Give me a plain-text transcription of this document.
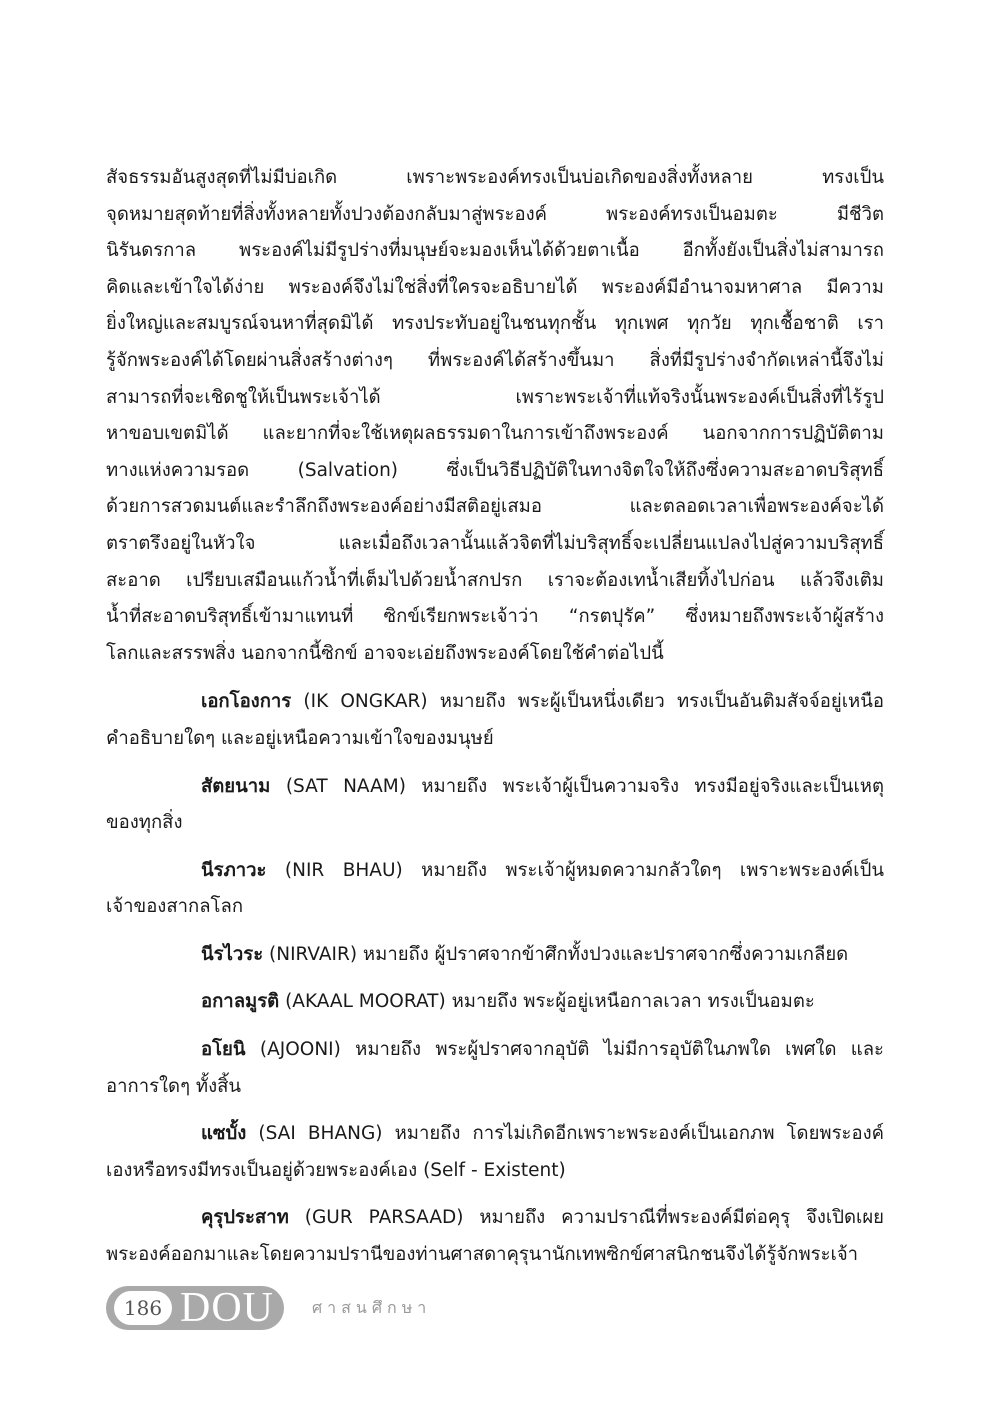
สัจธรรมอันสูงสุดที่ไม่มีบ่อเกิด เพราะพระองค์ทรงเป็นบ่อเกิดของสิ่งทั้งหลาย ทรงเป็น
จุดหมายสุดท้ายที่สิ่งทั้งหลายทั้งปวงต้องกลับมาสู่พระองค์ พระองค์ทรงเป็นอมตะ มีชีวิต
นิรันดรกาล พระองค์ไม่มีรูปร่างที่มนุษย์จะมองเห็นได้ด้วยตาเนื้อ อีกทั้งยังเป็นสิ่งไม่สามารถ
คิดและเข้าใจได้ง่าย พระองค์จึงไม่ใช่สิ่งที่ใครจะอธิบายได้ พระองค์มีอำนาจมหาศาล มีความ
ยิ่งใหญ่และสมบูรณ์จนหาที่สุดมิได้ ทรงประทับอยู่ในชนทุกชั้น ทุกเพศ ทุกวัย ทุกเชื้อชาติ เรา
รู้จักพระองค์ได้โดยผ่านสิ่งสร้างต่างๆ ที่พระองค์ได้สร้างขึ้นมา สิ่งที่มีรูปร่างจำกัดเหล่านี้จึงไม่
สามารถที่จะเชิดชูให้เป็นพระเจ้าได้ เพราะพระเจ้าที่แท้จริงนั้นพระองค์เป็นสิ่งที่ไร้รูป
หาขอบเขตมิได้ และยากที่จะใช้เหตุผลธรรมดาในการเข้าถึงพระองค์ นอกจากการปฏิบัติตาม
ทางแห่งความรอด (Salvation) ซึ่งเป็นวิธีปฏิบัติในทางจิตใจให้ถึงซึ่งความสะอาดบริสุทธิ์
ด้วยการสวดมนต์และรำลึกถึงพระองค์อย่างมีสติอยู่เสมอ และตลอดเวลาเพื่อพระองค์จะได้
ตราตรึงอยู่ในหัวใจ และเมื่อถึงเวลานั้นแล้วจิตที่ไม่บริสุทธิ์จะเปลี่ยนแปลงไปสู่ความบริสุทธิ์
สะอาด เปรียบเสมือนแก้วน้ำที่เต็มไปด้วยน้ำสกปรก เราจะต้องเทน้ำเสียทิ้งไปก่อน แล้วจึงเติม
น้ำที่สะอาดบริสุทธิ์เข้ามาแทนที่ ซิกข์เรียกพระเจ้าว่า “กรตปุรัค” ซึ่งหมายถึงพระเจ้าผู้สร้าง
โลกและสรรพสิ่ง นอกจากนี้ซิกข์ อาจจะเอ่ยถึงพระองค์โดยใช้คำต่อไปนี้

เอกโองการ (IK ONGKAR) หมายถึง พระผู้เป็นหนึ่งเดียว ทรงเป็นอันติมสัจจ์อยู่เหนือ
คำอธิบายใดๆ และอยู่เหนือความเข้าใจของมนุษย์

สัตยนาม (SAT NAAM) หมายถึง พระเจ้าผู้เป็นความจริง ทรงมีอยู่จริงและเป็นเหตุ
ของทุกสิ่ง

นีรภาวะ (NIR BHAU) หมายถึง พระเจ้าผู้หมดความกลัวใดๆ เพราะพระองค์เป็น
เจ้าของสากลโลก

นีรไวระ (NIRVAIR) หมายถึง ผู้ปราศจากข้าศึกทั้งปวงและปราศจากซึ่งความเกลียด

อกาลมูรติ (AKAAL MOORAT) หมายถึง พระผู้อยู่เหนือกาลเวลา ทรงเป็นอมตะ

อโยนิ (AJOONI) หมายถึง พระผู้ปราศจากอุบัติ ไม่มีการอุบัติในภพใด เพศใด และ
อาการใดๆ ทั้งสิ้น

แซบั้ง (SAI BHANG) หมายถึง การไม่เกิดอีกเพราะพระองค์เป็นเอกภพ โดยพระองค์
เองหรือทรงมีทรงเป็นอยู่ด้วยพระองค์เอง (Self - Existent)

คุรุประสาท (GUR PARSAAD) หมายถึง ความปราณีที่พระองค์มีต่อคุรุ จึงเปิดเผย
พระองค์ออกมาและโดยความปรานีของท่านศาสดาคุรุนานักเทพซิกข์ศาสนิกชนจึงได้รู้จักพระเจ้า

186 DOU ศาสนศึกษา
